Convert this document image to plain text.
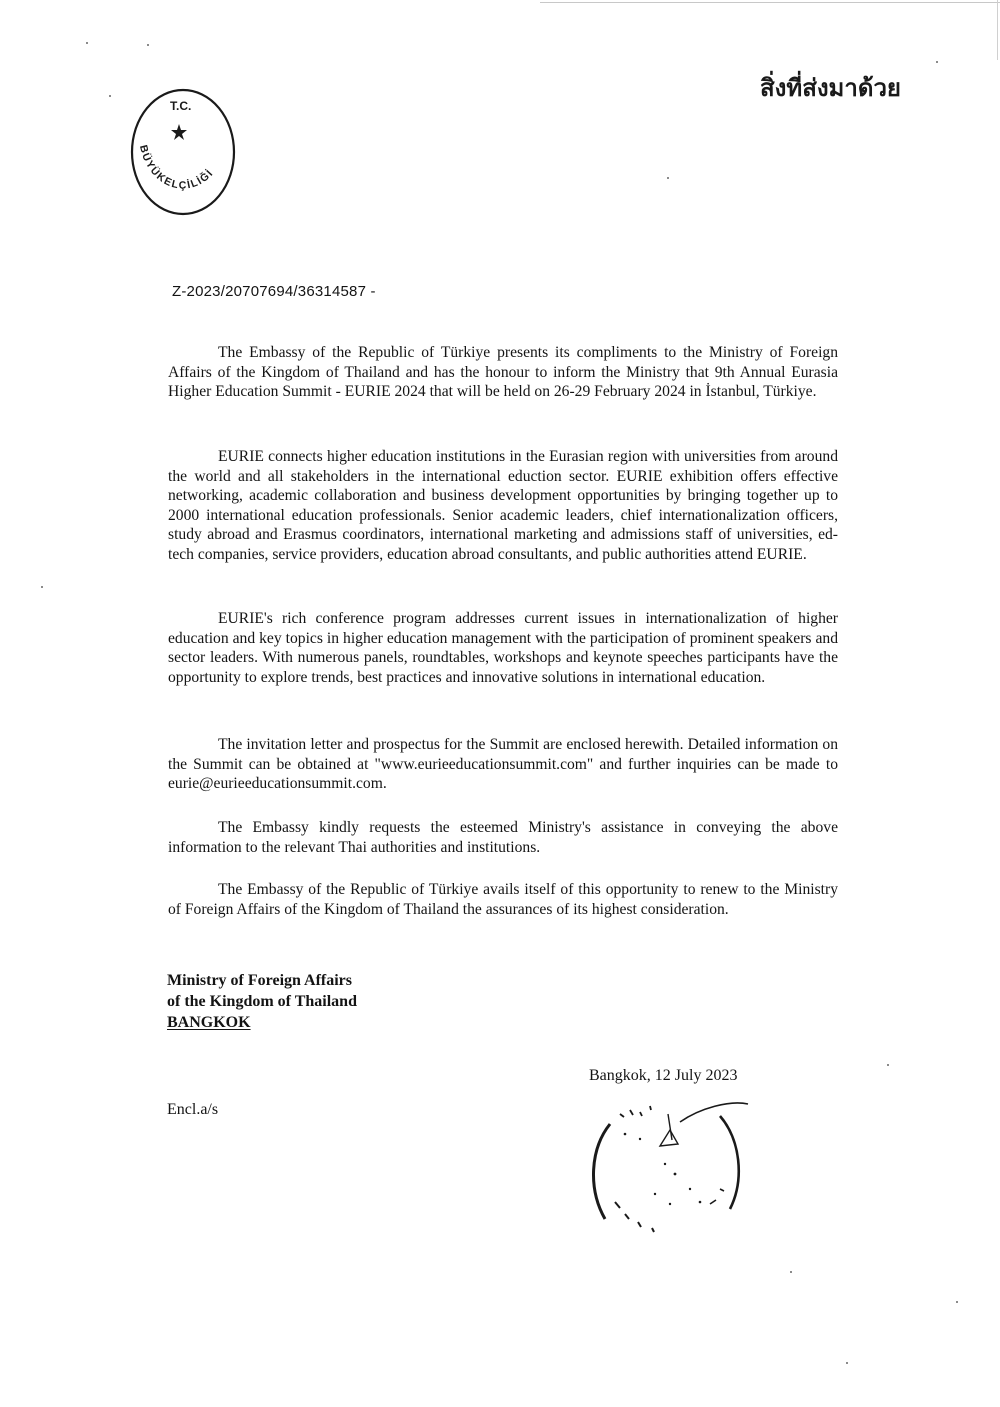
สิ่งที่ส่งมาด้วย
T.C.
BÜYÜKELÇİLİĞİ
Z-2023/20707694/36314587 -

The Embassy of the Republic of Türkiye presents its compliments to the Ministry of Foreign Affairs of the Kingdom of Thailand and has the honour to inform the Ministry that 9th Annual Eurasia Higher Education Summit - EURIE 2024 that will be held on 26-29 February 2024 in İstanbul, Türkiye.

EURIE connects higher education institutions in the Eurasian region with universities from around the world and all stakeholders in the international eduction sector. EURIE exhibition offers effective networking, academic collaboration and business development opportunities by bringing together up to 2000 international education professionals. Senior academic leaders, chief internationalization officers, study abroad and Erasmus coordinators, international marketing and admissions staff of universities, ed-tech companies, service providers, education abroad consultants, and public authorities attend EURIE.

EURIE's rich conference program addresses current issues in internationalization of higher education and key topics in higher education management with the participation of prominent speakers and sector leaders. With numerous panels, roundtables, workshops and keynote speeches participants have the opportunity to explore trends, best practices and innovative solutions in international education.

The invitation letter and prospectus for the Summit are enclosed herewith. Detailed information on the Summit can be obtained at "www.eurieeducationsummit.com" and further inquiries can be made to eurie@eurieeducationsummit.com.

The Embassy kindly requests the esteemed Ministry's assistance in conveying the above information to the relevant Thai authorities and institutions.

The Embassy of the Republic of Türkiye avails itself of this opportunity to renew to the Ministry of Foreign Affairs of the Kingdom of Thailand the assurances of its highest consideration.

Ministry of Foreign Affairs
of the Kingdom of Thailand
BANGKOK
Bangkok, 12 July 2023
Encl.a/s
